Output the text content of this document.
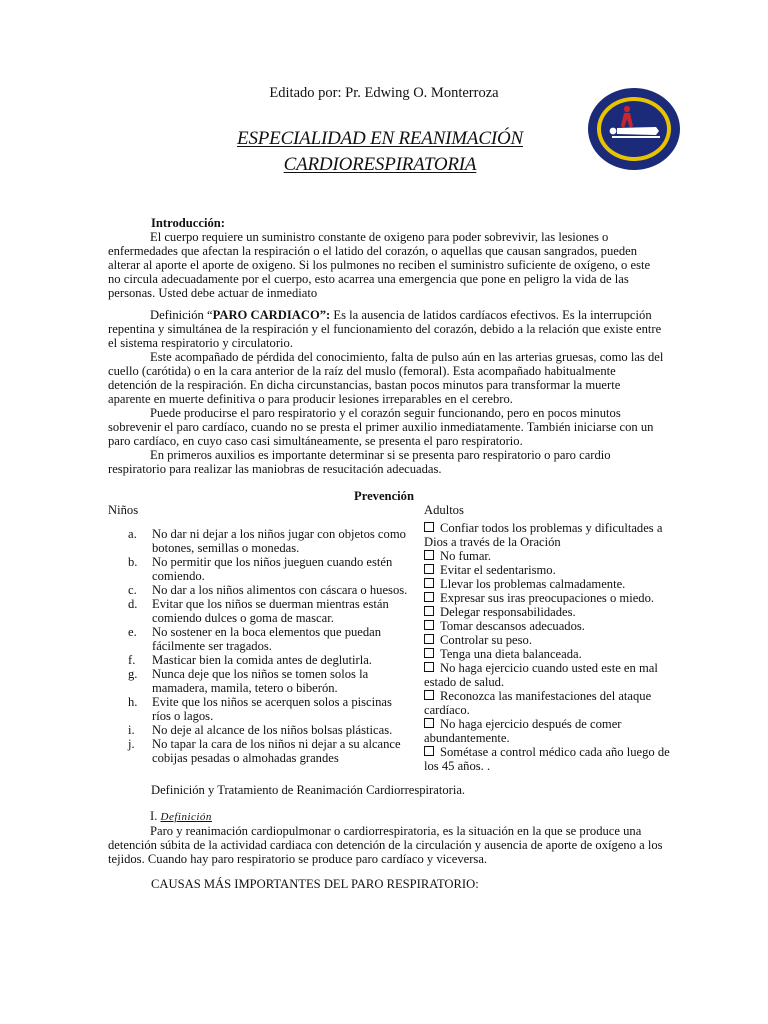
Editado por: Pr. Edwing O. Monterroza
ESPECIALIDAD EN REANIMACIÓN
CARDIORESPIRATORIA
Introducción:

El cuerpo requiere un suministro constante de oxigeno para poder sobrevivir, las lesiones o enfermedades que afectan la respiración o el latido del corazón, o aquellas que causan sangrados, pueden alterar al aporte el aporte de oxigeno. Si los pulmones no reciben el suministro suficiente de oxígeno, o este no circula adecuadamente por el cuerpo, esto acarrea una emergencia que pone en peligro la vida de las personas. Usted debe actuar de inmediato

Definición “PARO CARDIACO”: Es la ausencia de latidos cardíacos efectivos. Es la interrupción repentina y simultánea de la respiración y el funcionamiento del corazón, debido a la relación que existe entre el sistema respiratorio y circulatorio.

Este acompañado de pérdida del conocimiento, falta de pulso aún en las arterias gruesas, como las del cuello (carótida) o en la cara anterior de la raíz del muslo (femoral). Esta acompañado habitualmente detención de la respiración. En dicha circunstancias, bastan pocos minutos para transformar la muerte aparente en muerte definitiva o para producir lesiones irreparables en el cerebro.

Puede producirse el paro respiratorio y el corazón seguir funcionando, pero en pocos minutos sobrevenir el paro cardíaco, cuando no se presta el primer auxilio inmediatamente. También iniciarse con un paro cardíaco, en cuyo caso casi simultáneamente, se presenta el paro respiratorio.

En primeros auxilios es importante determinar si se presenta paro respiratorio o paro cardio respiratorio para realizar las maniobras de resucitación adecuadas.

Prevención
Niños	Adultos
a. No dar ni dejar a los niños jugar con objetos como botones, semillas o monedas.
b. No permitir que los niños jueguen cuando estén comiendo.
c. No dar a los niños alimentos con cáscara o huesos.
d. Evitar que los niños se duerman mientras están comiendo dulces o goma de mascar.
e. No sostener en la boca elementos que puedan fácilmente ser tragados.
f. Masticar bien la comida antes de deglutirla.
g. Nunca deje que los niños se tomen solos la mamadera, mamila, tetero o biberón.
h. Evite que los niños se acerquen solos a piscinas ríos o lagos.
i. No deje al alcance de los niños bolsas plásticas.
j. No tapar la cara de los niños ni dejar a su alcance cobijas pesadas o almohadas grandes
Confiar todos los problemas y dificultades a Dios a través de la Oración
No fumar.
Evitar el sedentarismo.
Llevar los problemas calmadamente.
Expresar sus iras preocupaciones o miedo.
Delegar responsabilidades.
Tomar descansos adecuados.
Controlar su peso.
Tenga una dieta balanceada.
No haga ejercicio cuando usted este en mal estado de salud.
Reconozca las manifestaciones del ataque cardíaco.
No haga ejercicio después de comer abundantemente.
Sométase a control médico cada año luego de los 45 años. .
Definición y Tratamiento de Reanimación Cardiorrespiratoria.

I. Definición

Paro y reanimación cardiopulmonar o cardiorrespiratoria, es la situación en la que se produce una detención súbita de la actividad cardiaca con detención de la circulación y ausencia de aporte de oxígeno a los tejidos. Cuando hay paro respiratorio se produce paro cardíaco y viceversa.

CAUSAS MÁS IMPORTANTES DEL PARO RESPIRATORIO:
